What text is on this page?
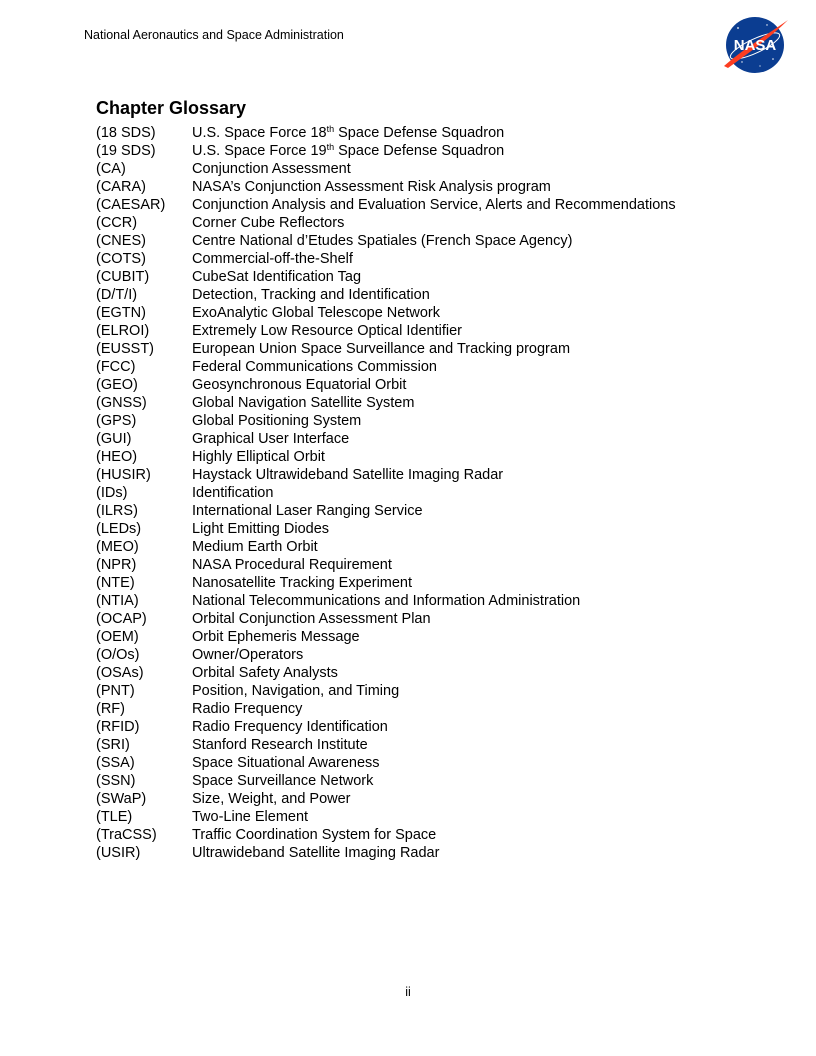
National Aeronautics and Space Administration
NASA
Chapter Glossary
(18 SDS)	U.S. Space Force 18th Space Defense Squadron
(19 SDS)	U.S. Space Force 19th Space Defense Squadron
(CA)	Conjunction Assessment
(CARA)	NASA’s Conjunction Assessment Risk Analysis program
(CAESAR) Conjunction Analysis and Evaluation Service, Alerts and Recommendations
(CCR)	Corner Cube Reflectors
(CNES)	Centre National d’Etudes Spatiales (French Space Agency)
(COTS)	Commercial-off-the-Shelf
(CUBIT)	CubeSat Identification Tag
(D/T/I)	Detection, Tracking and Identification
(EGTN)	ExoAnalytic Global Telescope Network
(ELROI)	Extremely Low Resource Optical Identifier
(EUSST)	European Union Space Surveillance and Tracking program
(FCC)	Federal Communications Commission
(GEO)	Geosynchronous Equatorial Orbit
(GNSS)	Global Navigation Satellite System
(GPS)	Global Positioning System
(GUI)	Graphical User Interface
(HEO)	Highly Elliptical Orbit
(HUSIR)	Haystack Ultrawideband Satellite Imaging Radar
(IDs)	Identification
(ILRS)	International Laser Ranging Service
(LEDs)	Light Emitting Diodes
(MEO)	Medium Earth Orbit
(NPR)	NASA Procedural Requirement
(NTE)	Nanosatellite Tracking Experiment
(NTIA)	National Telecommunications and Information Administration
(OCAP)	Orbital Conjunction Assessment Plan
(OEM)	Orbit Ephemeris Message
(O/Os)	Owner/Operators
(OSAs)	Orbital Safety Analysts
(PNT)	Position, Navigation, and Timing
(RF)	Radio Frequency
(RFID)	Radio Frequency Identification
(SRI)	Stanford Research Institute
(SSA)	Space Situational Awareness
(SSN)	Space Surveillance Network
(SWaP)	Size, Weight, and Power
(TLE)	Two-Line Element
(TraCSS) Traffic Coordination System for Space
(USIR)	Ultrawideband Satellite Imaging Radar
ii
